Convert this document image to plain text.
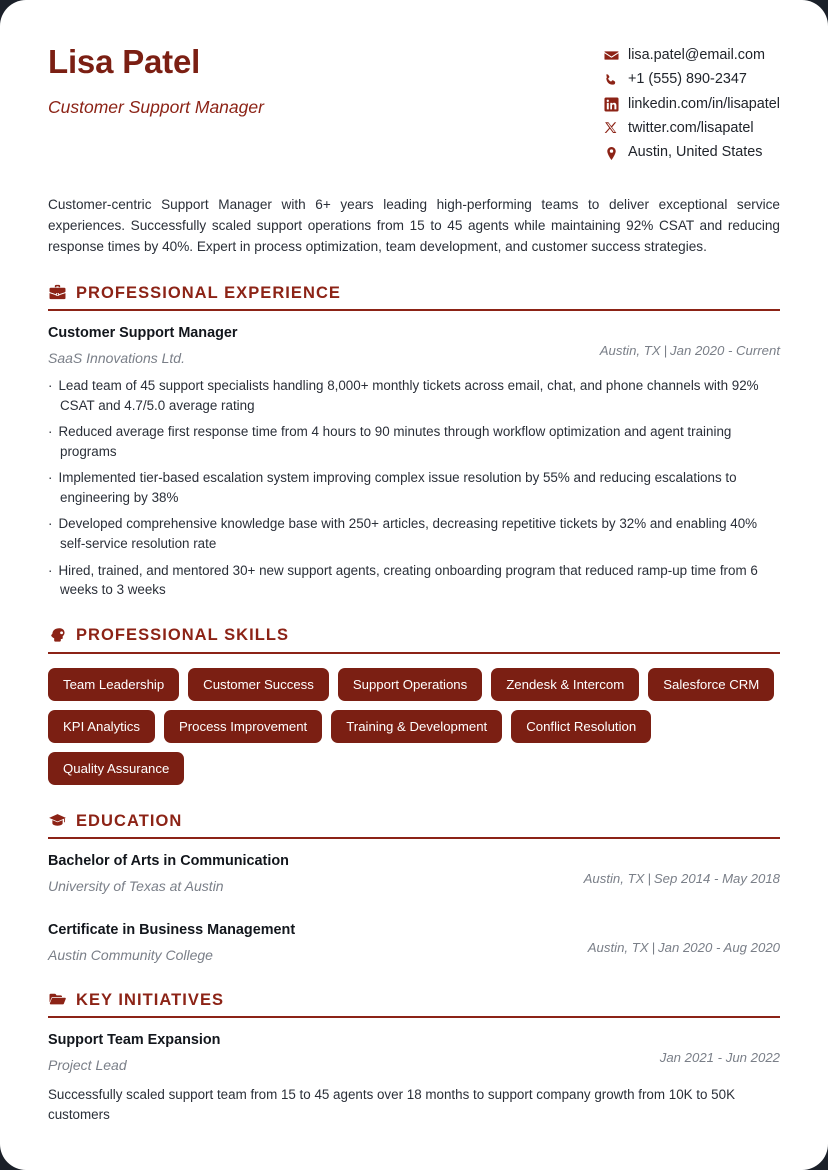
Lisa Patel
Customer Support Manager
lisa.patel@email.com
+1 (555) 890-2347
linkedin.com/in/lisapatel
twitter.com/lisapatel
Austin, United States
Customer-centric Support Manager with 6+ years leading high-performing teams to deliver exceptional service experiences. Successfully scaled support operations from 15 to 45 agents while maintaining 92% CSAT and reducing response times by 40%. Expert in process optimization, team development, and customer success strategies.
PROFESSIONAL EXPERIENCE
Customer Support Manager
SaaS Innovations Ltd.	Austin, TX | Jan 2020 - Current
· Lead team of 45 support specialists handling 8,000+ monthly tickets across email, chat, and phone channels with 92% CSAT and 4.7/5.0 average rating
· Reduced average first response time from 4 hours to 90 minutes through workflow optimization and agent training programs
· Implemented tier-based escalation system improving complex issue resolution by 55% and reducing escalations to engineering by 38%
· Developed comprehensive knowledge base with 250+ articles, decreasing repetitive tickets by 32% and enabling 40% self-service resolution rate
· Hired, trained, and mentored 30+ new support agents, creating onboarding program that reduced ramp-up time from 6 weeks to 3 weeks
PROFESSIONAL SKILLS
Team Leadership	Customer Success	Support Operations	Zendesk & Intercom	Salesforce CRM
KPI Analytics	Process Improvement	Training & Development	Conflict Resolution
Quality Assurance
EDUCATION
Bachelor of Arts in Communication
University of Texas at Austin	Austin, TX | Sep 2014 - May 2018
Certificate in Business Management
Austin Community College	Austin, TX | Jan 2020 - Aug 2020
KEY INITIATIVES
Support Team Expansion
Project Lead	Jan 2021 - Jun 2022
Successfully scaled support team from 15 to 45 agents over 18 months to support company growth from 10K to 50K customers
